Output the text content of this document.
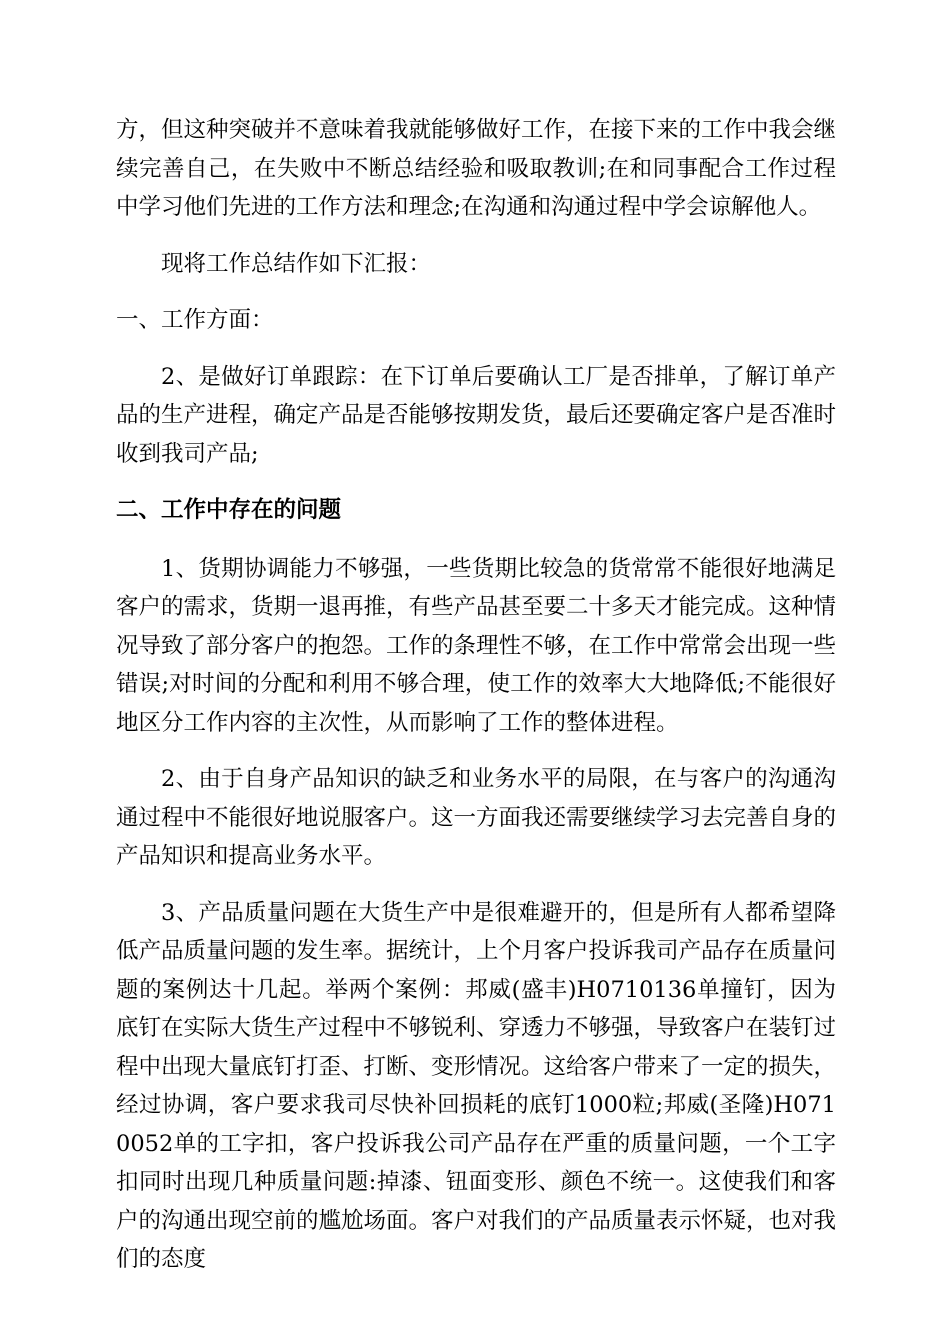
方，但这种突破并不意味着我就能够做好工作，在接下来的工作中我会继续完善自己，在失败中不断总结经验和吸取教训;在和同事配合工作过程中学习他们先进的工作方法和理念;在沟通和沟通过程中学会谅解他人。

现将工作总结作如下汇报：

一、工作方面：

2、是做好订单跟踪：在下订单后要确认工厂是否排单，了解订单产品的生产进程，确定产品是否能够按期发货，最后还要确定客户是否准时收到我司产品;

二、工作中存在的问题

1、货期协调能力不够强，一些货期比较急的货常常不能很好地满足客户的需求，货期一退再推，有些产品甚至要二十多天才能完成。这种情况导致了部分客户的抱怨。工作的条理性不够，在工作中常常会出现一些错误;对时间的分配和利用不够合理，使工作的效率大大地降低;不能很好地区分工作内容的主次性，从而影响了工作的整体进程。

2、由于自身产品知识的缺乏和业务水平的局限，在与客户的沟通沟通过程中不能很好地说服客户。这一方面我还需要继续学习去完善自身的产品知识和提高业务水平。

3、产品质量问题在大货生产中是很难避开的，但是所有人都希望降低产品质量问题的发生率。据统计，上个月客户投诉我司产品存在质量问题的案例达十几起。举两个案例：邦威(盛丰)H0710136单撞钉，因为底钉在实际大货生产过程中不够锐利、穿透力不够强，导致客户在装钉过程中出现大量底钉打歪、打断、变形情况。这给客户带来了一定的损失，经过协调，客户要求我司尽快补回损耗的底钉1000粒;邦威(圣隆)H0710052单的工字扣，客户投诉我公司产品存在严重的质量问题，一个工字扣同时出现几种质量问题:掉漆、钮面变形、颜色不统一。这使我们和客户的沟通出现空前的尴尬场面。客户对我们的产品质量表示怀疑，也对我们的态度
